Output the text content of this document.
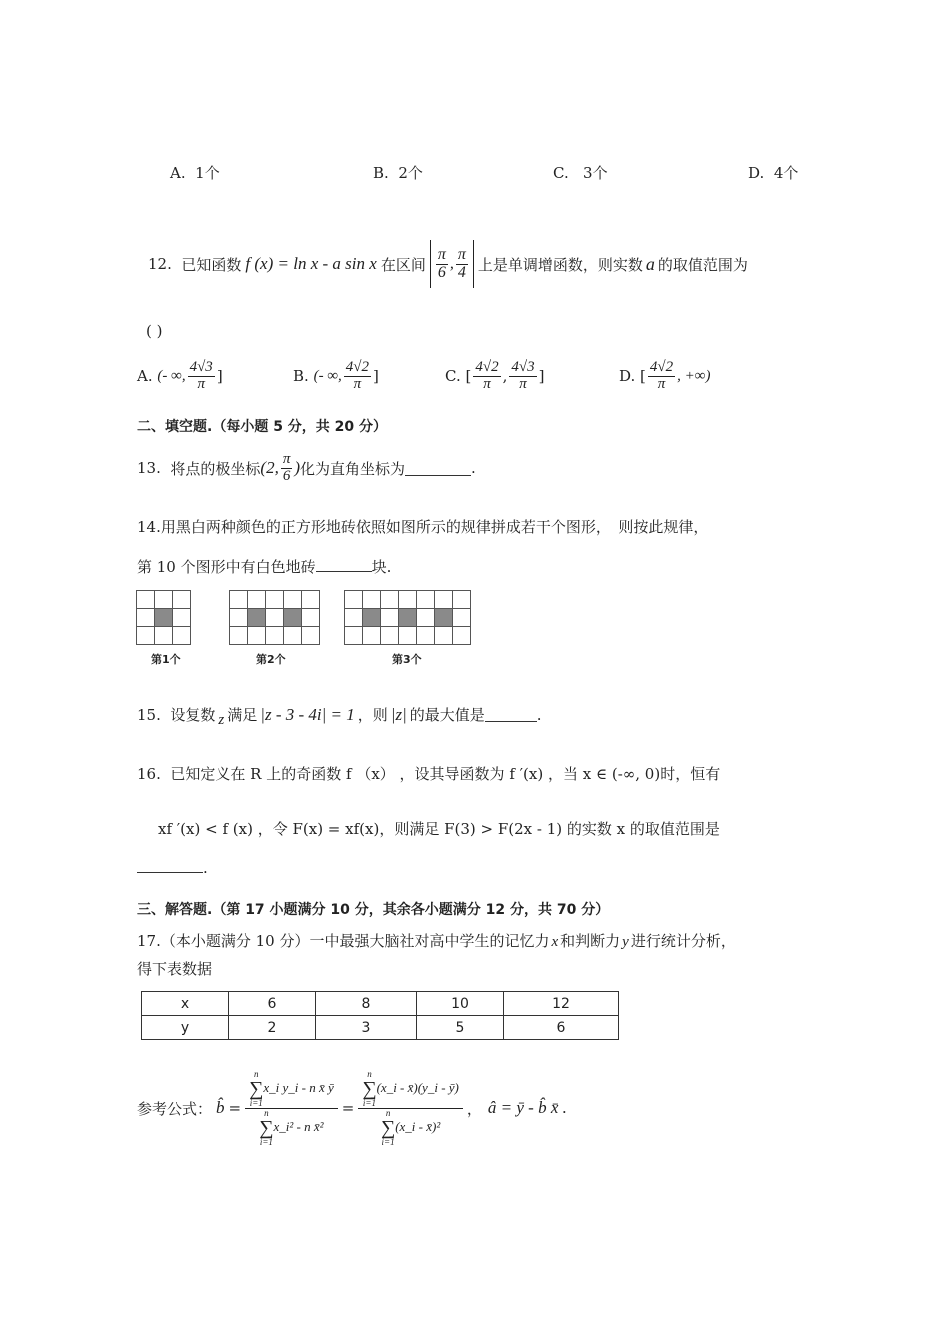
A. 1个	B. 2个	C. 3个	D. 4个
12.
已知函数 f (x) = ln x - a sin x 在区间 $\frac{\pi}{6}$ , $\frac{\pi}{4}$ 上是单调增函数，则实数 a 的取值范围为
( )
A.
(- ∞, $\frac{4√3}{\pi}$ ]	B.
(- ∞, $\frac{4√2}{\pi}$ ]	C.
[ $\frac{4√2}{\pi}$ , $\frac{4√3}{\pi}$ ]	D.
[ $\frac{4√2}{\pi}$ , +∞)
二、填空题.（每小题 5 分，共 20 分）
13.
将点的极坐标 (2, $\frac{\pi}{6}$ ) 化为直角坐标为	.
14.用黑白两种颜色的正方形地砖依照如图所示的规律拼成若干个图形，　则按此规律，
第 10 个图形中有白色地砖	块.
第1个	第2个	第3个
15.
设复数 z 满足 |z - 3 - 4i| = 1 ，则 |z| 的最大值是	.
16. 已知定义在 R 上的奇函数 f （x） ，设其导函数为 f ′(x) ，当 x ∈ (-∞, 0)时，恒有
xf ′(x) < f (x) ，令 F(x) = xf(x)，则满足 F(3) > F(2x - 1) 的实数 x 的取值范围是
.
三、解答题.（第 17 小题满分 10 分，其余各小题满分 12 分，共 70 分）
17.（本小题满分 10 分）一中最强大脑社对高中学生的记忆力 x 和判断力 y 进行统计分析，
得下表数据
x	6	8	10	12
y	2	3	5	6
参考公式： b̂ = n
∑
i=1
x_i y_i - n x̄ ȳ
n
∑
i=1
x_i² - n x̄² = n
∑
i=1
(x_i - x̄)(y_i - ȳ)
n
∑
i=1
(x_i - x̄)² ， â = ȳ - b̂ x̄ .
